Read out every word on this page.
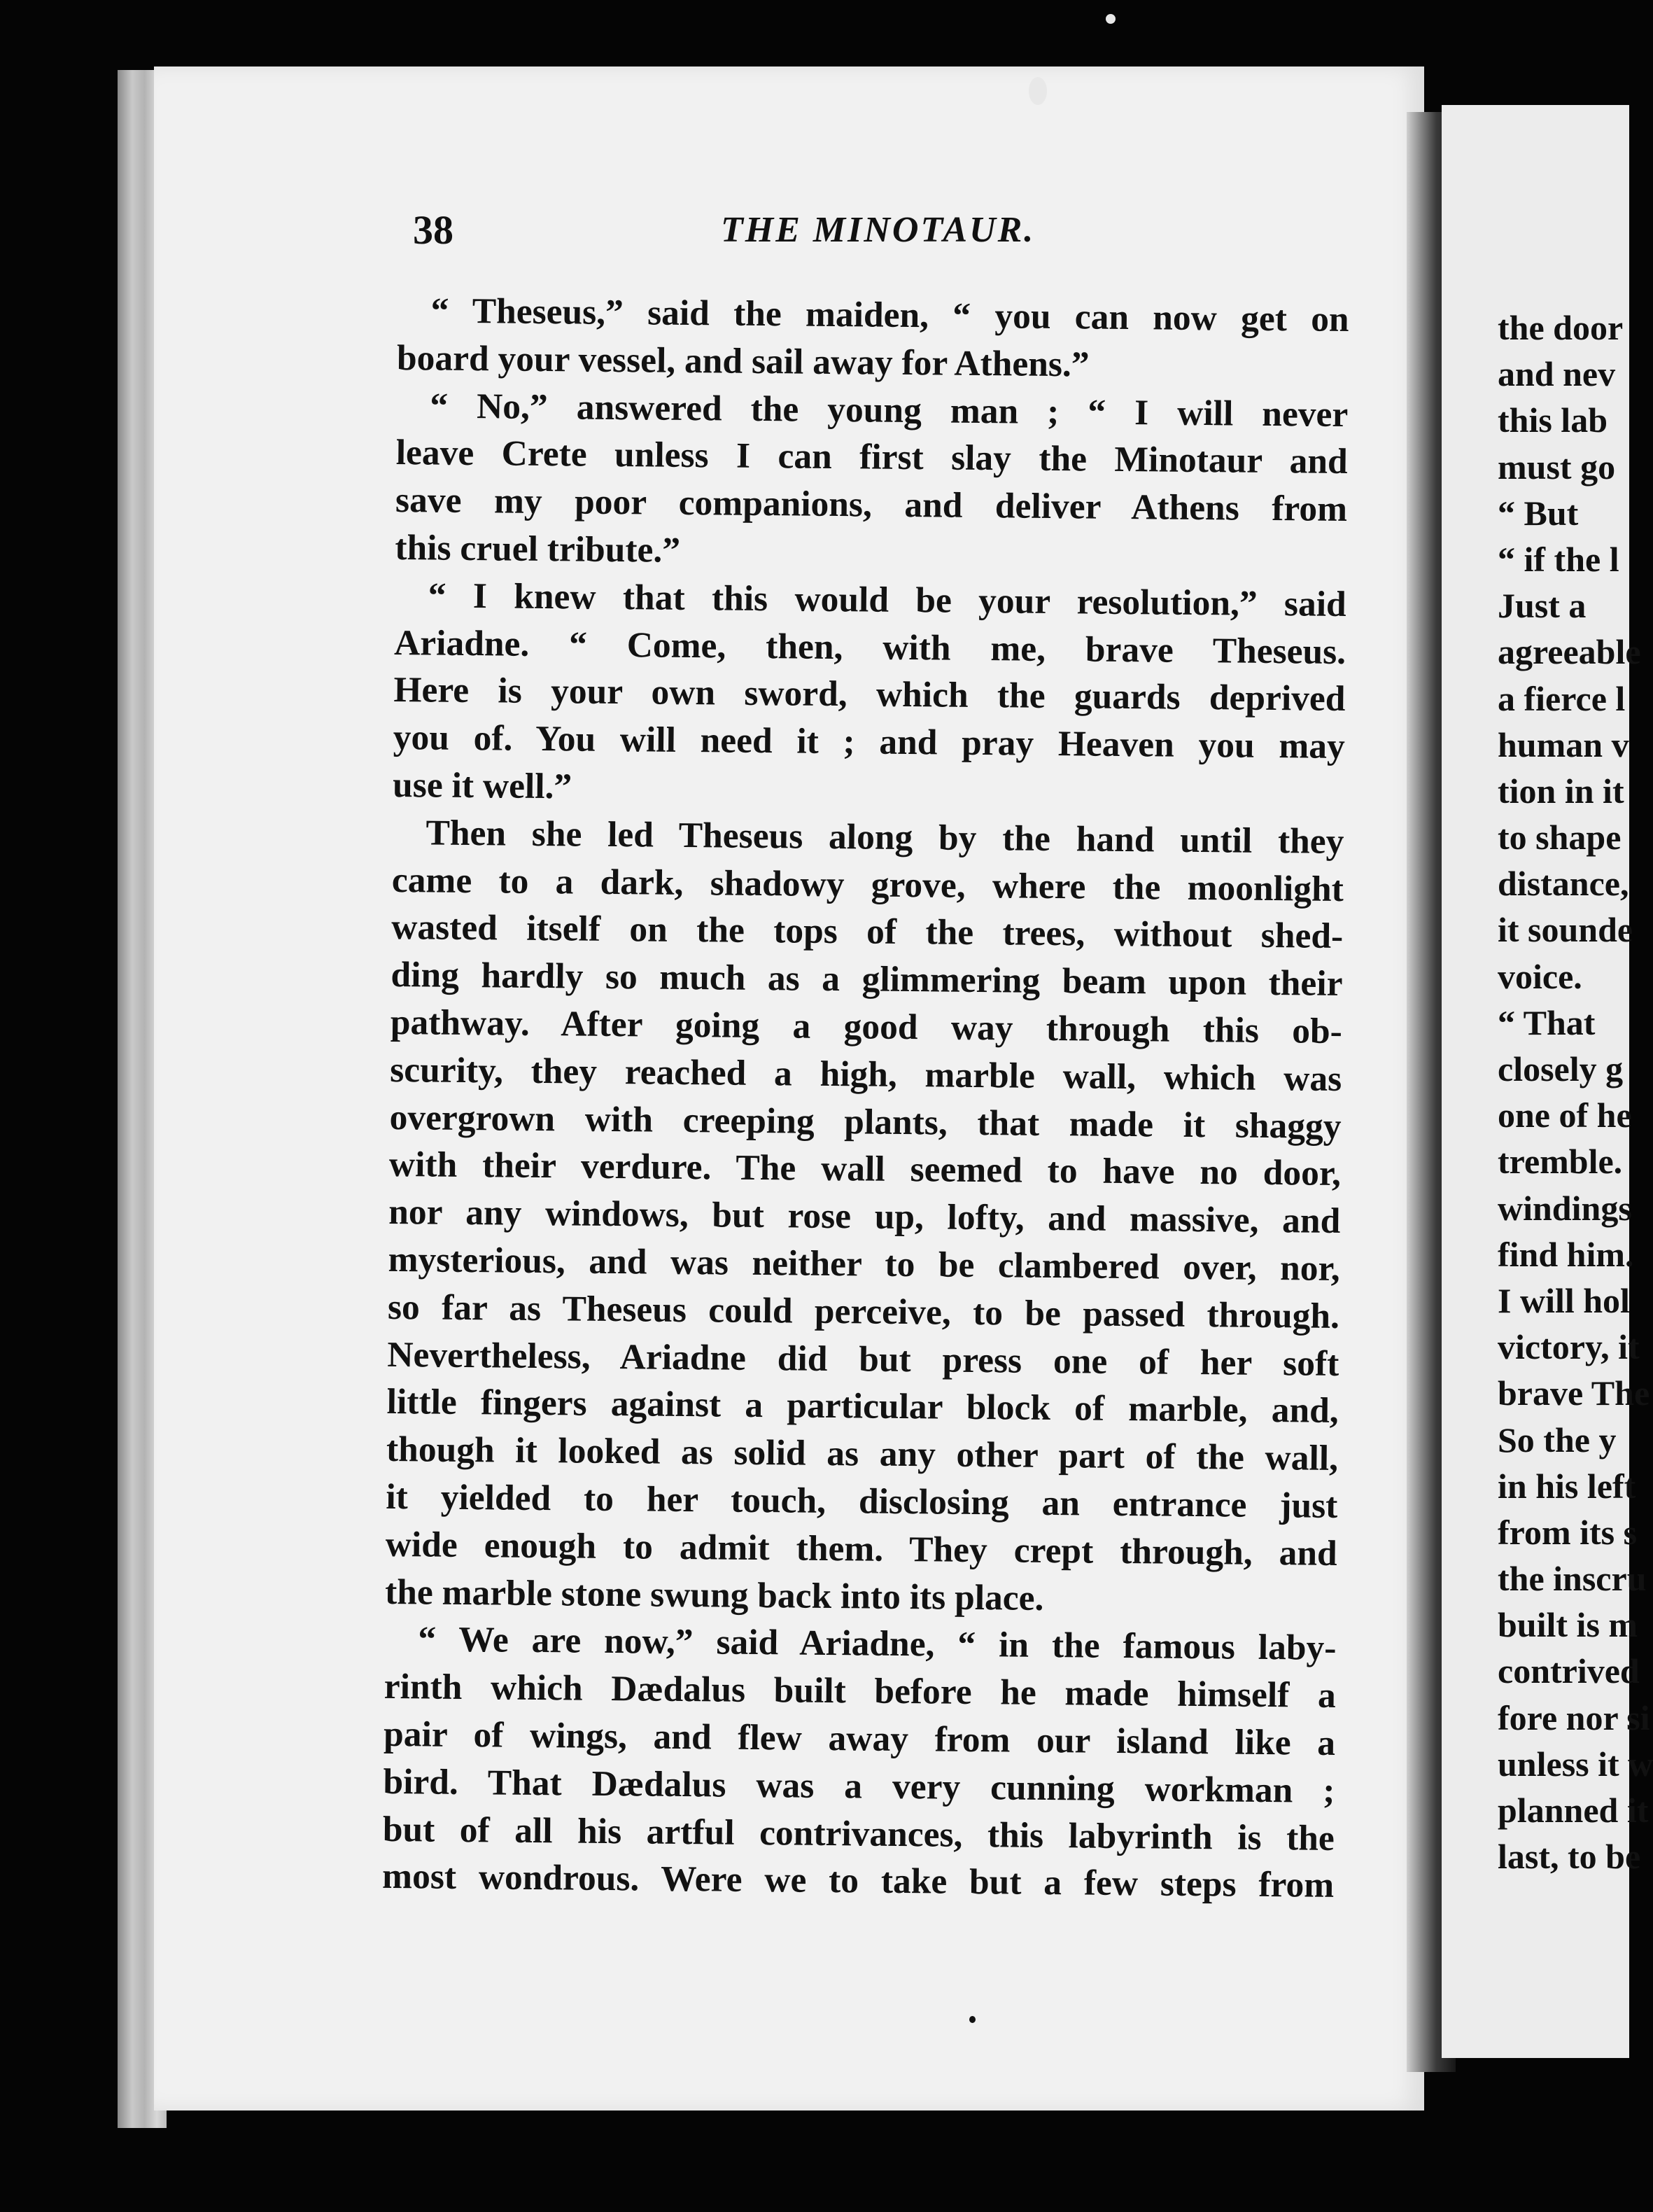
38	THE MINOTAUR.
“ Theseus,” said the maiden, “ you can now get on
board your vessel, and sail away for Athens.”
“ No,” answered the young man ; “ I will never
leave Crete unless I can first slay the Minotaur and
save my poor companions, and deliver Athens from
this cruel tribute.”
“ I knew that this would be your resolution,” said
Ariadne. “ Come, then, with me, brave Theseus.
Here is your own sword, which the guards deprived
you of. You will need it ; and pray Heaven you may
use it well.”
Then she led Theseus along by the hand until they
came to a dark, shadowy grove, where the moonlight
wasted itself on the tops of the trees, without shed-
ding hardly so much as a glimmering beam upon their
pathway. After going a good way through this ob-
scurity, they reached a high, marble wall, which was
overgrown with creeping plants, that made it shaggy
with their verdure. The wall seemed to have no door,
nor any windows, but rose up, lofty, and massive, and
mysterious, and was neither to be clambered over, nor,
so far as Theseus could perceive, to be passed through.
Nevertheless, Ariadne did but press one of her soft
little fingers against a particular block of marble, and,
though it looked as solid as any other part of the wall,
it yielded to her touch, disclosing an entrance just
wide enough to admit them. They crept through, and
the marble stone swung back into its place.
“ We are now,” said Ariadne, “ in the famous laby-
rinth which Dædalus built before he made himself a
pair of wings, and flew away from our island like a
bird. That Dædalus was a very cunning workman ;
but of all his artful contrivances, this labyrinth is the
most wondrous. Were we to take but a few steps from
the door
and nev
this lab
must go
“ But
“ if the l
Just a
agreeable
a fierce l
human v
tion in it
to shape
distance,
it sounde
voice.
“ That
closely g
one of he
tremble.
windings
find him.
I will hol
victory, it
brave The
So the y
in his left
from its s
the inscru
built is m
contrived
fore nor si
unless it w
planned it
last, to be
